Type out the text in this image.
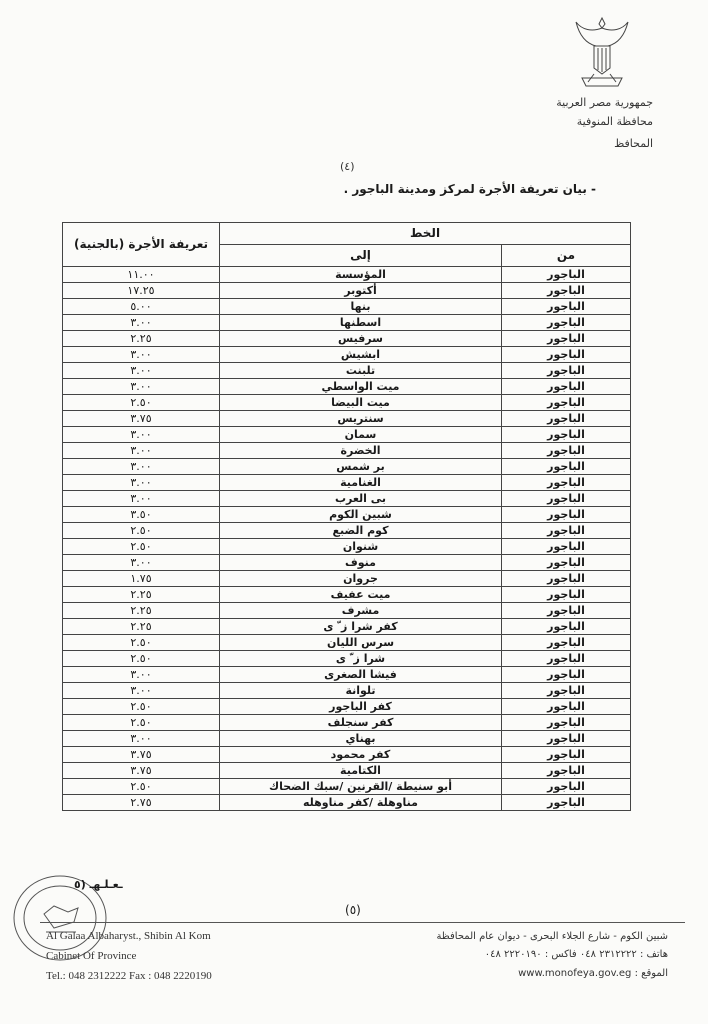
جمهورية مصر العربية
محافظة المنوفية
المحافظ
(٤)
- بيان تعريفة الأجرة لمركز ومدينة الباجور .
تعريفة الأجرة (بالجنية)	الخط	
	إلى	من
١١.٠٠	المؤسسة	الباجور
١٧.٢٥	أكتوبر	الباجور
٥.٠٠	بنها	الباجور
٣.٠٠	اسطنها	الباجور
٢.٢٥	سرفيس	الباجور
٣.٠٠	ابشيش	الباجور
٣.٠٠	تلبنت	الباجور
٣.٠٠	ميت الواسطي	الباجور
٢.٥٠	ميت البيضا	الباجور
٣.٧٥	سنتريس	الباجور
٣.٠٠	سمان	الباجور
٣.٠٠	الخضرة	الباجور
٣.٠٠	بر شمس	الباجور
٣.٠٠	الغنامية	الباجور
٣.٠٠	بى العرب	الباجور
٣.٥٠	شبين الكوم	الباجور
٢.٥٠	كوم الضبع	الباجور
٢.٥٠	شنوان	الباجور
٣.٠٠	منوف	الباجور
١.٧٥	جروان	الباجور
٢.٢٥	ميت عفيف	الباجور
٢.٢٥	مشرف	الباجور
٢.٢٥	كفر شرا ز ّ ى	الباجور
٢.٥٠	سرس الليان	الباجور
٢.٥٠	شرا ز ّ ى	الباجور
٣.٠٠	فيشا الصغرى	الباجور
٣.٠٠	تلوانة	الباجور
٢.٥٠	كفر الباجور	الباجور
٢.٥٠	كفر سنجلف	الباجور
٣.٠٠	بهناي	الباجور
٣.٧٥	كفر محمود	الباجور
٣.٧٥	الكتامية	الباجور
٢.٥٠	أبو سنيطة /القرنين /سبك الضحاك	الباجور
٢.٧٥	مناوهلة /كفر مناوهله	الباجور
ـعـلـهـ (٥
(٥)
Al Galaa Albaharyst., Shibin Al Kom
Cabinet Of Province
Tel.: 048 2312222 Fax : 048 2220190
شبين الكوم - شارع الجلاء البحرى - ديوان عام المحافظة
هاتف : ٢٣١٢٢٢٢ ٠٤٨ فاكس : ٢٢٢٠١٩٠ ٠٤٨
الموقع : www.monofeya.gov.eg
